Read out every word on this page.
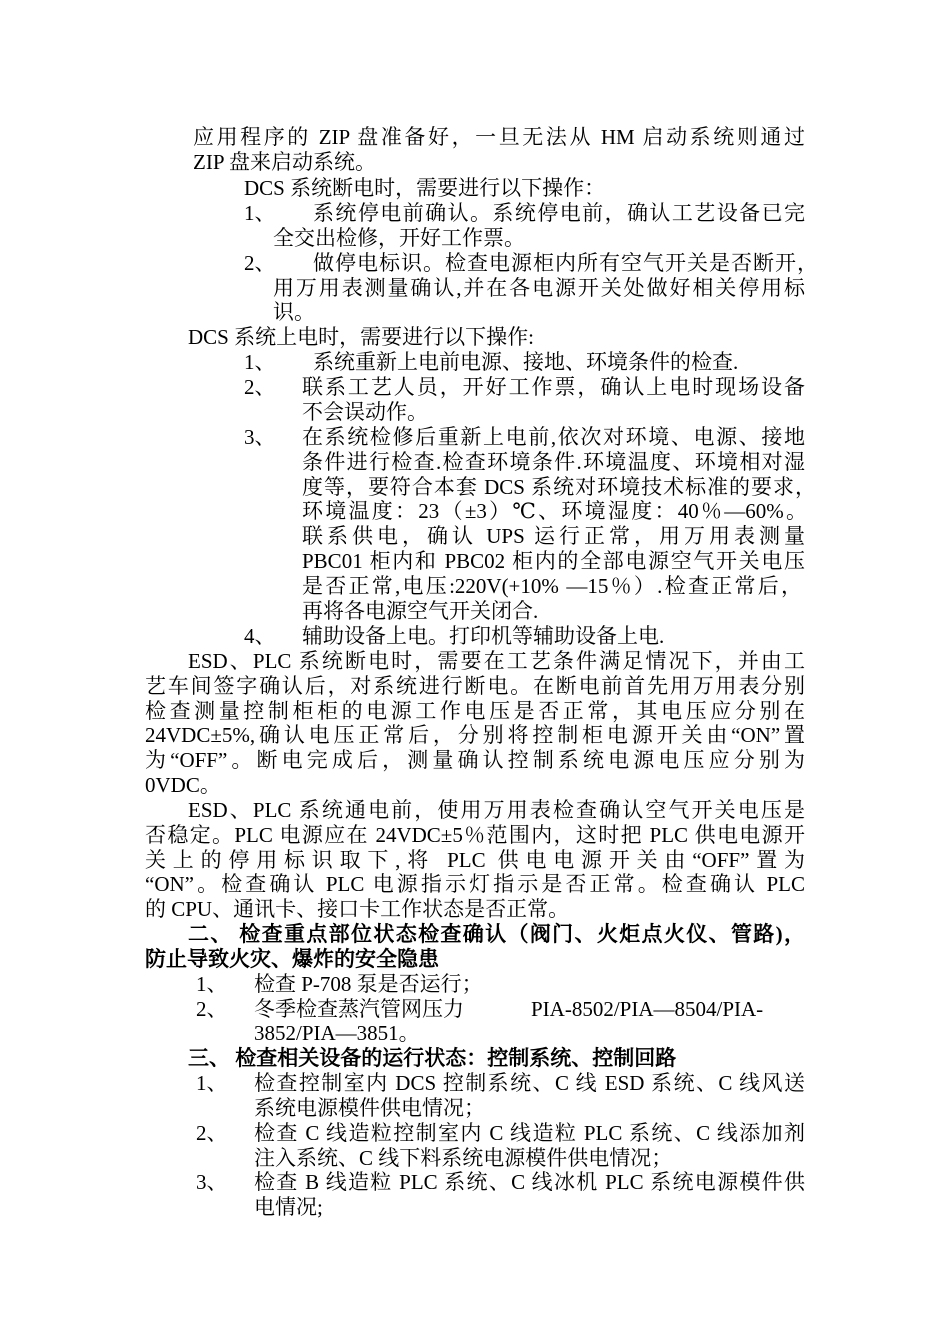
应用程序的 ZIP 盘准备好，一旦无法从 HM 启动系统则通过
ZIP 盘来启动系统。
DCS 系统断电时，需要进行以下操作：
1、 系统停电前确认。系统停电前，确认工艺设备已完
全交出检修，开好工作票。
2、 做停电标识。检查电源柜内所有空气开关是否断开，
用万用表测量确认,并在各电源开关处做好相关停用标
识。
DCS 系统上电时，需要进行以下操作:
1、 系统重新上电前电源、接地、环境条件的检查.
2、 联系工艺人员，开好工作票，确认上电时现场设备
不会误动作。
3、 在系统检修后重新上电前,依次对环境、电源、接地
条件进行检查.检查环境条件.环境温度、环境相对湿
度等，要符合本套 DCS 系统对环境技术标准的要求，
环境温度：23（±3）℃、环境湿度：40％—60%。
联系供电，确认 UPS 运行正常，用万用表测量
PBC01 柜内和 PBC02 柜内的全部电源空气开关电压
是否正常,电压:220V(+10% —15％）.检查正常后，
再将各电源空气开关闭合.
4、 辅助设备上电。打印机等辅助设备上电.
ESD、PLC 系统断电时，需要在工艺条件满足情况下，并由工
艺车间签字确认后，对系统进行断电。在断电前首先用万用表分别
检查测量控制柜柜的电源工作电压是否正常，其电压应分别在
24VDC±5%,确认电压正常后，分别将控制柜电源开关由“ON”置
为“OFF”。断电完成后，测量确认控制系统电源电压应分别为
0VDC。
ESD、PLC 系统通电前，使用万用表检查确认空气开关电压是
否稳定。PLC 电源应在 24VDC±5％范围内，这时把 PLC 供电电源开
关上的停用标识取下,将 PLC 供电电源开关由“OFF”置为
“ON”。检查确认 PLC 电源指示灯指示是否正常。检查确认 PLC
的 CPU、通讯卡、接口卡工作状态是否正常。
二、 检查重点部位状态检查确认（阀门、火炬点火仪、管路)，
防止导致火灾、爆炸的安全隐患
1、 检查 P-708 泵是否运行；
2、 冬季检查蒸汽管网压力	PIA-8502/PIA—8504/PIA-
3852/PIA—3851。
三、 检查相关设备的运行状态：控制系统、控制回路
1、 检查控制室内 DCS 控制系统、C 线 ESD 系统、C 线风送
系统电源模件供电情况；
2、 检查 C 线造粒控制室内 C 线造粒 PLC 系统、C 线添加剂
注入系统、C 线下料系统电源模件供电情况；
3、 检查 B 线造粒 PLC 系统、C 线冰机 PLC 系统电源模件供
电情况;
